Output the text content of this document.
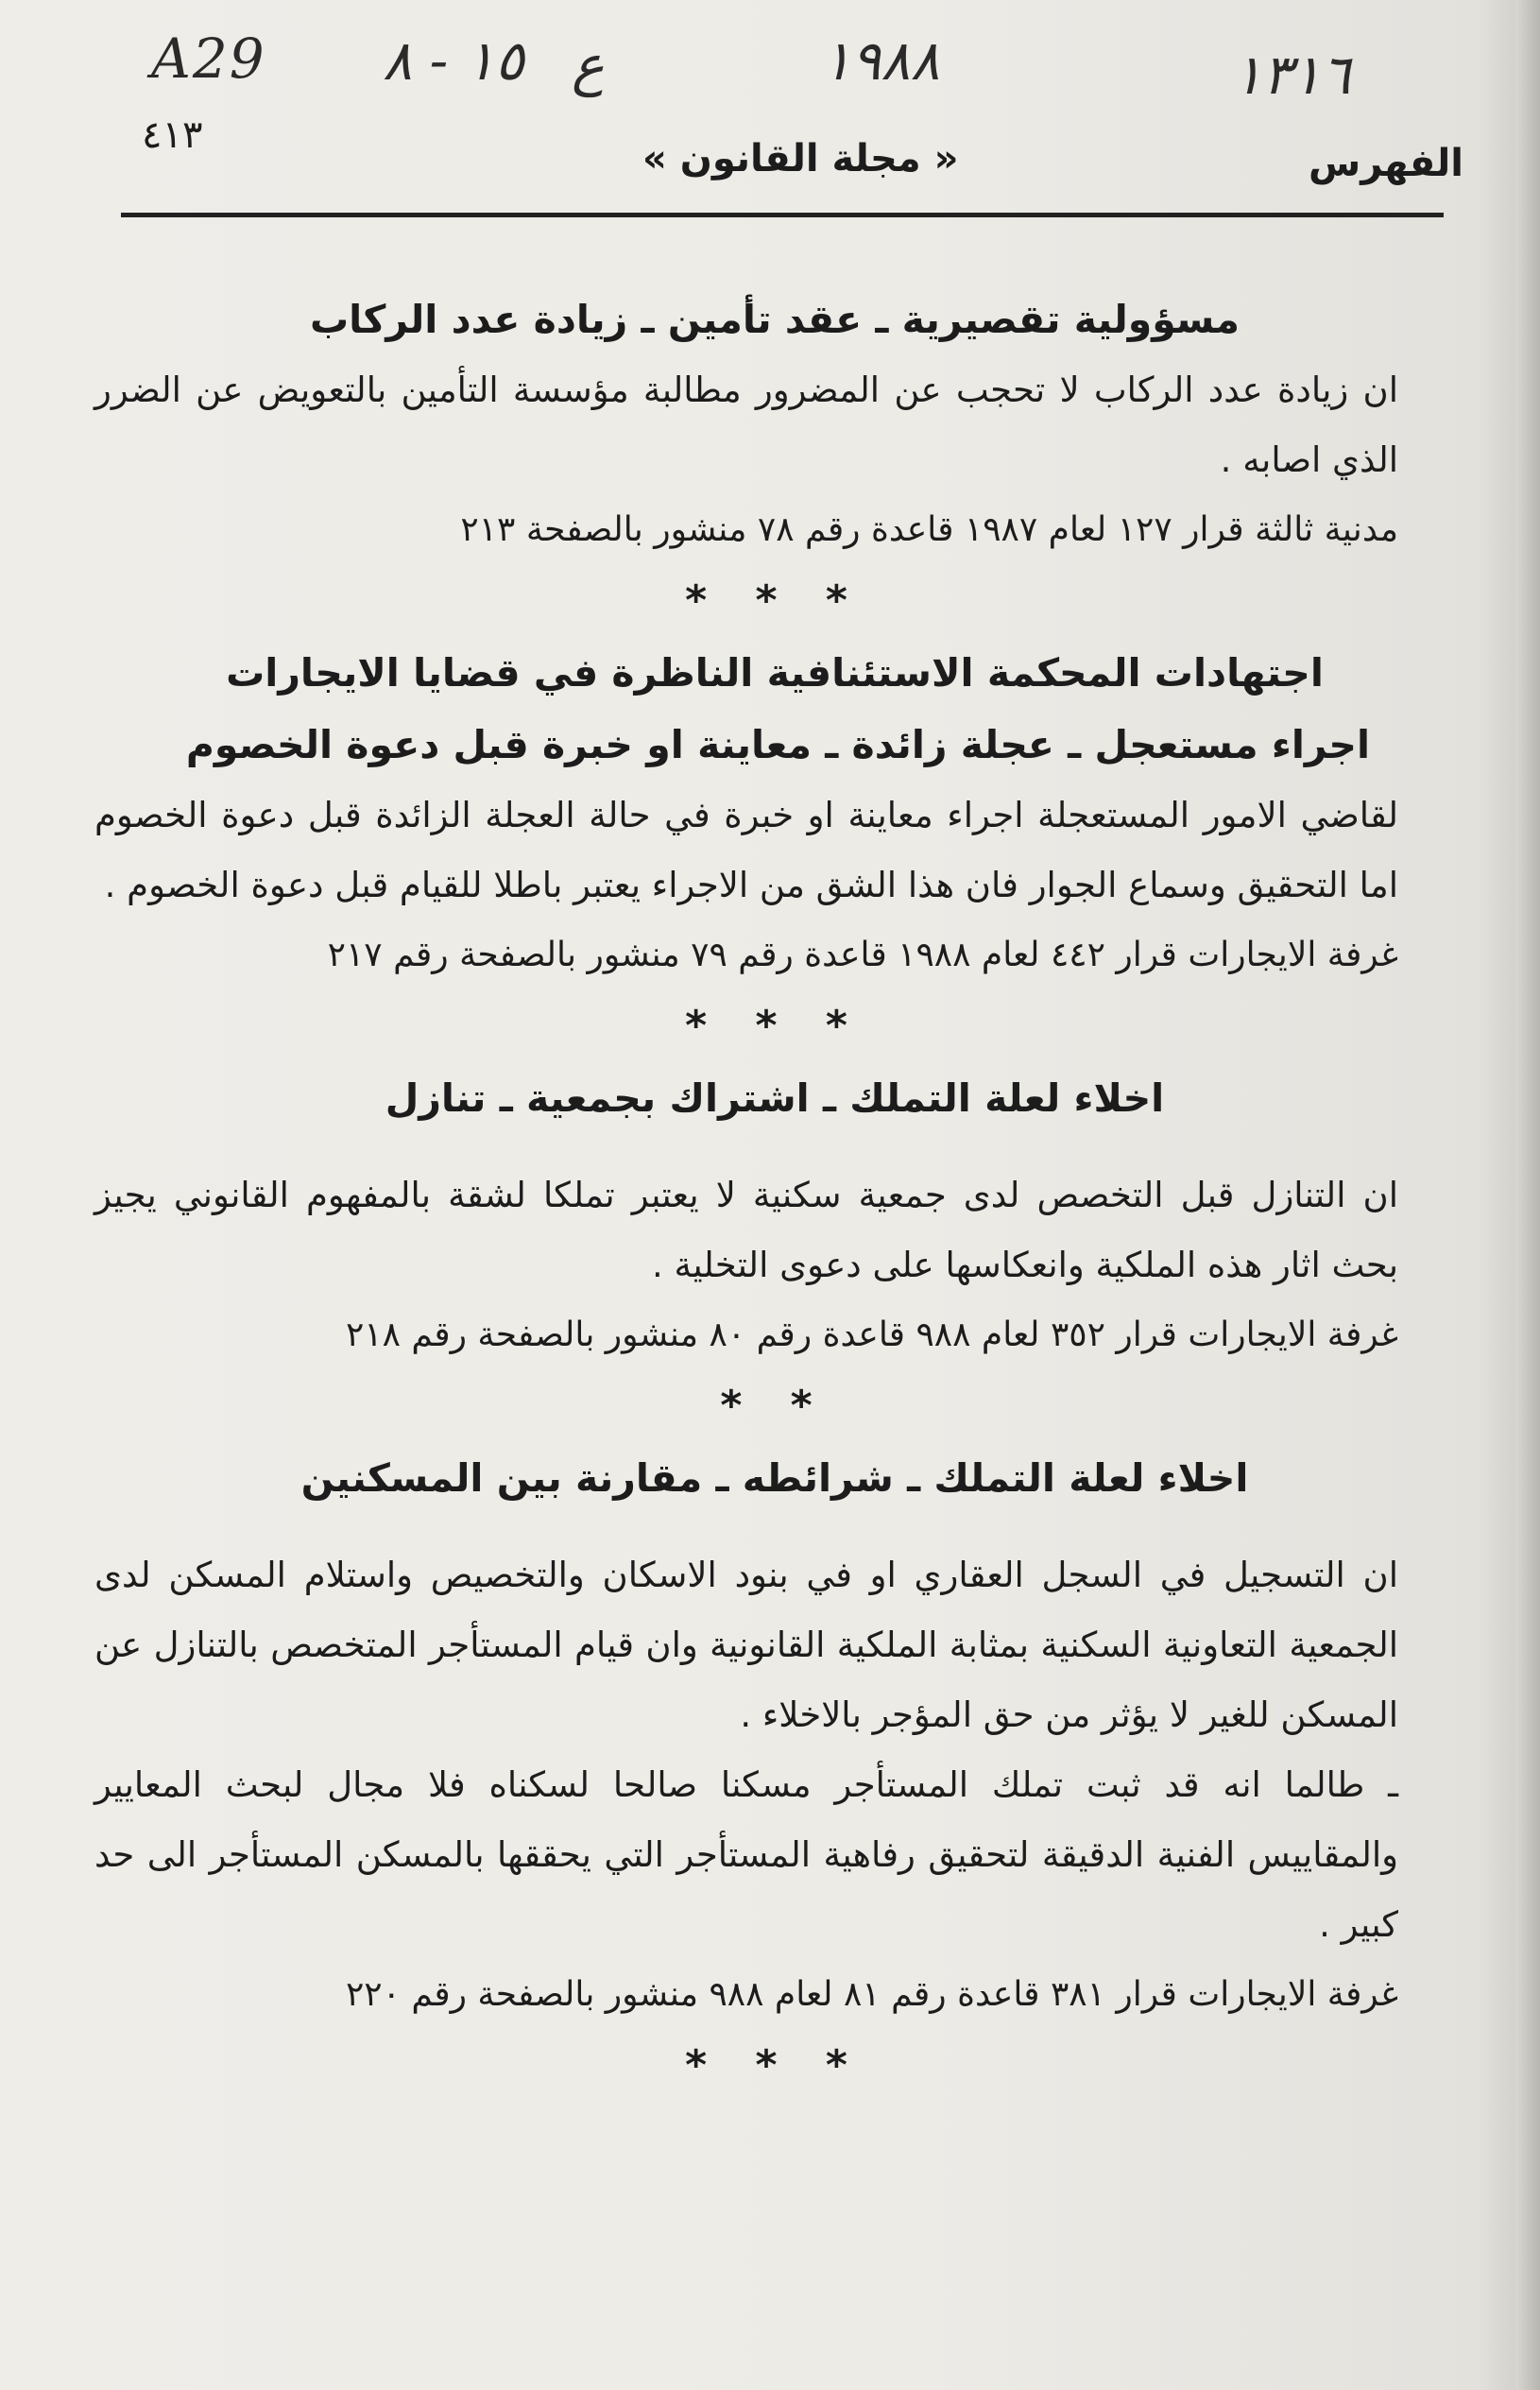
A29 ١٥ - ٨ ع	١٩٨٨	١٣١٦
٤١٣
« مجلة القانون »	الفهرس
مسؤولية تقصيرية ـ عقد تأمين ـ زيادة عدد الركاب

ان زيادة عدد الركاب لا تحجب عن المضرور مطالبة مؤسسة التأمين بالتعويض عن الضرر الذي اصابه .

مدنية ثالثة قرار ١٢٧ لعام ١٩٨٧ قاعدة رقم ٧٨ منشور بالصفحة ٢١٣

* * *
اجتهادات المحكمة الاستئنافية الناظرة في قضايا الايجارات
اجراء مستعجل ـ عجلة زائدة ـ معاينة او خبرة قبل دعوة الخصوم

لقاضي الامور المستعجلة اجراء معاينة او خبرة في حالة العجلة الزائدة قبل دعوة الخصوم اما التحقيق وسماع الجوار فان هذا الشق من الاجراء يعتبر باطلا للقيام قبل دعوة الخصوم .

غرفة الايجارات قرار ٤٤٢ لعام ١٩٨٨ قاعدة رقم ٧٩ منشور بالصفحة رقم ٢١٧

* * *
اخلاء لعلة التملك ـ اشتراك بجمعية ـ تنازل

ان التنازل قبل التخصص لدى جمعية سكنية لا يعتبر تملكا لشقة بالمفهوم القانوني يجيز بحث اثار هذه الملكية وانعكاسها على دعوى التخلية .

غرفة الايجارات قرار ٣٥٢ لعام ٩٨٨ قاعدة رقم ٨٠ منشور بالصفحة رقم ٢١٨

* *
اخلاء لعلة التملك ـ شرائطه ـ مقارنة بين المسكنين

ان التسجيل في السجل العقاري او في بنود الاسكان والتخصيص واستلام المسكن لدى الجمعية التعاونية السكنية بمثابة الملكية القانونية وان قيام المستأجر المتخصص بالتنازل عن المسكن للغير لا يؤثر من حق المؤجر بالاخلاء .

ـ طالما انه قد ثبت تملك المستأجر مسكنا صالحا لسكناه فلا مجال لبحث المعايير والمقاييس الفنية الدقيقة لتحقيق رفاهية المستأجر التي يحققها بالمسكن المستأجر الى حد كبير .

غرفة الايجارات قرار ٣٨١ قاعدة رقم ٨١ لعام ٩٨٨ منشور بالصفحة رقم ٢٢٠

* * *
